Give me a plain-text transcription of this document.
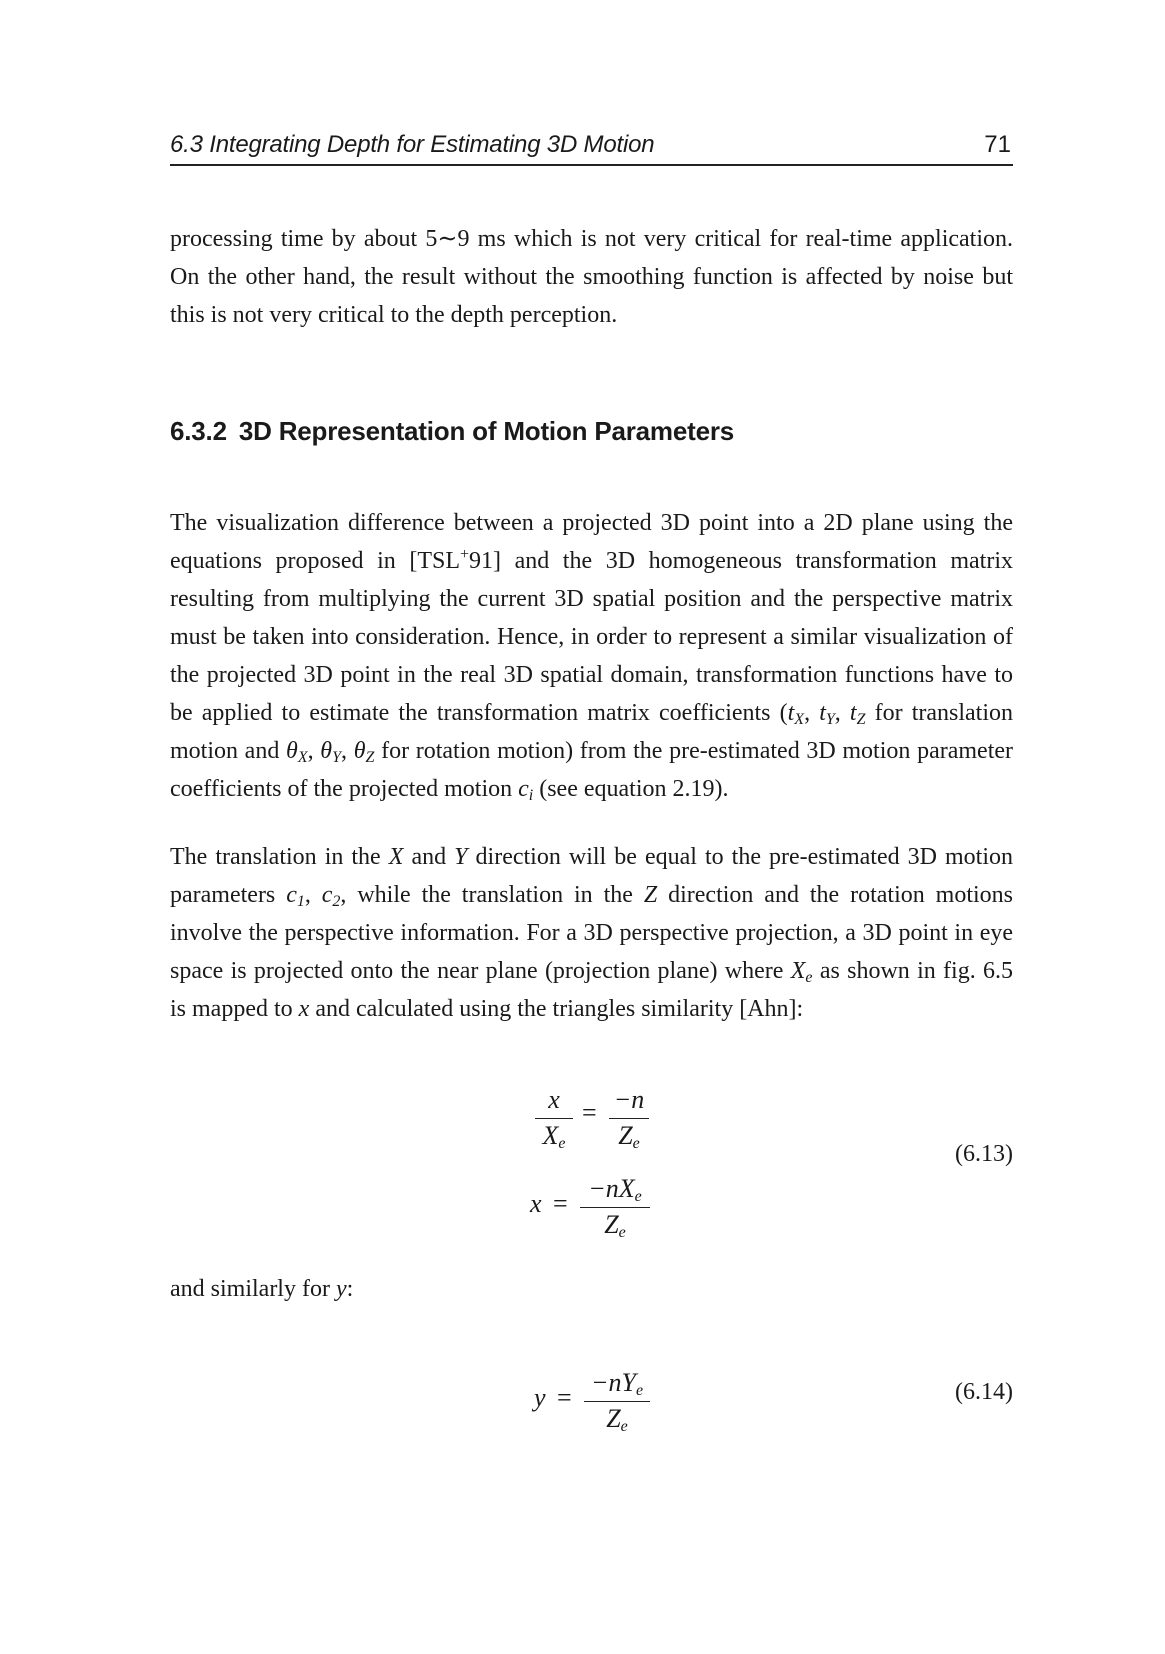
6.3 Integrating Depth for Estimating 3D Motion	71

processing time by about 5∼9 ms which is not very critical for real-time application. On the other hand, the result without the smoothing function is affected by noise but this is not very critical to the depth perception.

6.3.2 3D Representation of Motion Parameters

The visualization difference between a projected 3D point into a 2D plane using the equations proposed in [TSL+91] and the 3D homogeneous transformation matrix resulting from multiplying the current 3D spatial position and the perspective matrix must be taken into consideration. Hence, in order to represent a similar visualization of the projected 3D point in the real 3D spatial domain, transformation functions have to be applied to estimate the transformation matrix coefficients ($t_X$, $t_Y$, $t_Z$ for translation motion and $\theta_X$, $\theta_Y$, $\theta_Z$ for rotation motion) from the pre-estimated 3D motion parameter coefficients of the projected motion $c_i$ (see equation 2.19).

The translation in the X and Y direction will be equal to the pre-estimated 3D motion parameters $c_1$, $c_2$, while the translation in the Z direction and the rotation motions involve the perspective information. For a 3D perspective projection, a 3D point in eye space is projected onto the near plane (projection plane) where $X_e$ as shown in fig. 6.5 is mapped to x and calculated using the triangles similarity [Ahn]:

x
$X_e$
= −n
$Z_e$
x =
$-nX_e$
$Z_e$
(6.13)

and similarly for y:

y =
$-nY_e$
$Z_e$
(6.14)
